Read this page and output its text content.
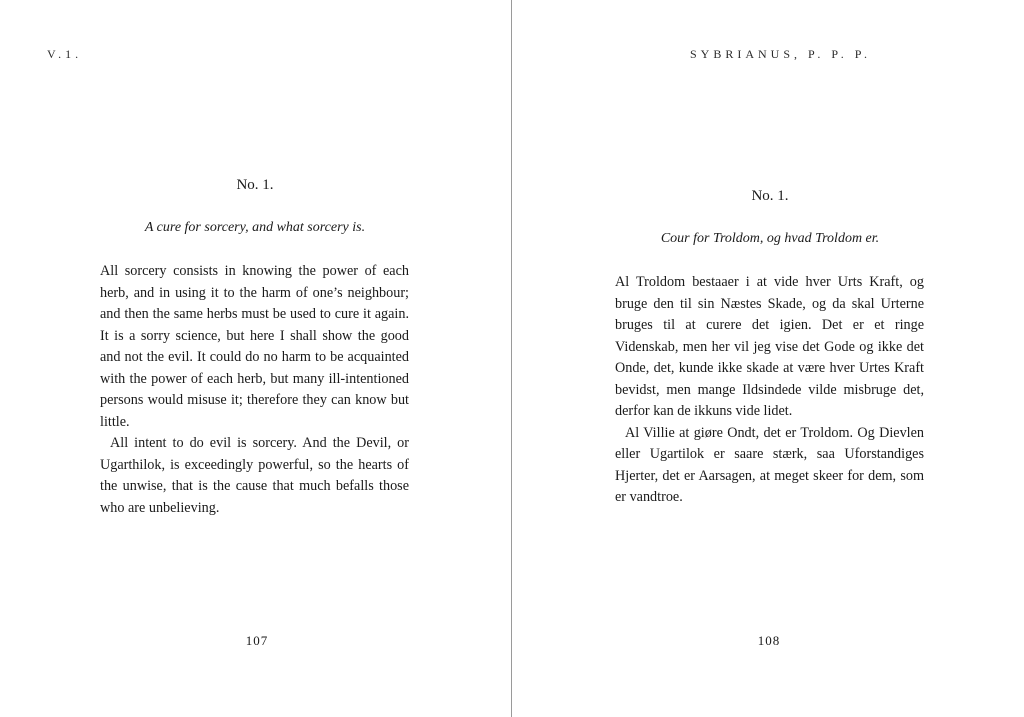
V.1.
No. 1.
A cure for sorcery, and what sorcery is.

All sorcery consists in knowing the power of each herb, and in using it to the harm of one’s neighbour; and then the same herbs must be used to cure it again. It is a sorry science, but here I shall show the good and not the evil. It could do no harm to be acquainted with the power of each herb, but many ill-intentioned persons would misuse it; therefore they can know but little.

All intent to do evil is sorcery. And the Devil, or Ugarthilok, is exceedingly powerful, so the hearts of the unwise, that is the cause that much befalls those who are unbelieving.

107
SYBRIANUS, P. P. P.
No. 1.
Cour for Troldom, og hvad Troldom er.

Al Troldom bestaaer i at vide hver Urts Kraft, og bruge den til sin Næstes Skade, og da skal Urterne bruges til at curere det igien. Det er et ringe Videnskab, men her vil jeg vise det Gode og ikke det Onde, det, kunde ikke skade at være hver Urtes Kraft bevidst, men mange Ildsindede vilde misbruge det, derfor kan de ikkuns vide lidet.

Al Villie at giøre Ondt, det er Troldom. Og Dievlen eller Ugartilok er saare stærk, saa Uforstandiges Hjerter, det er Aarsagen, at meget skeer for dem, som er vandtroe.

108
